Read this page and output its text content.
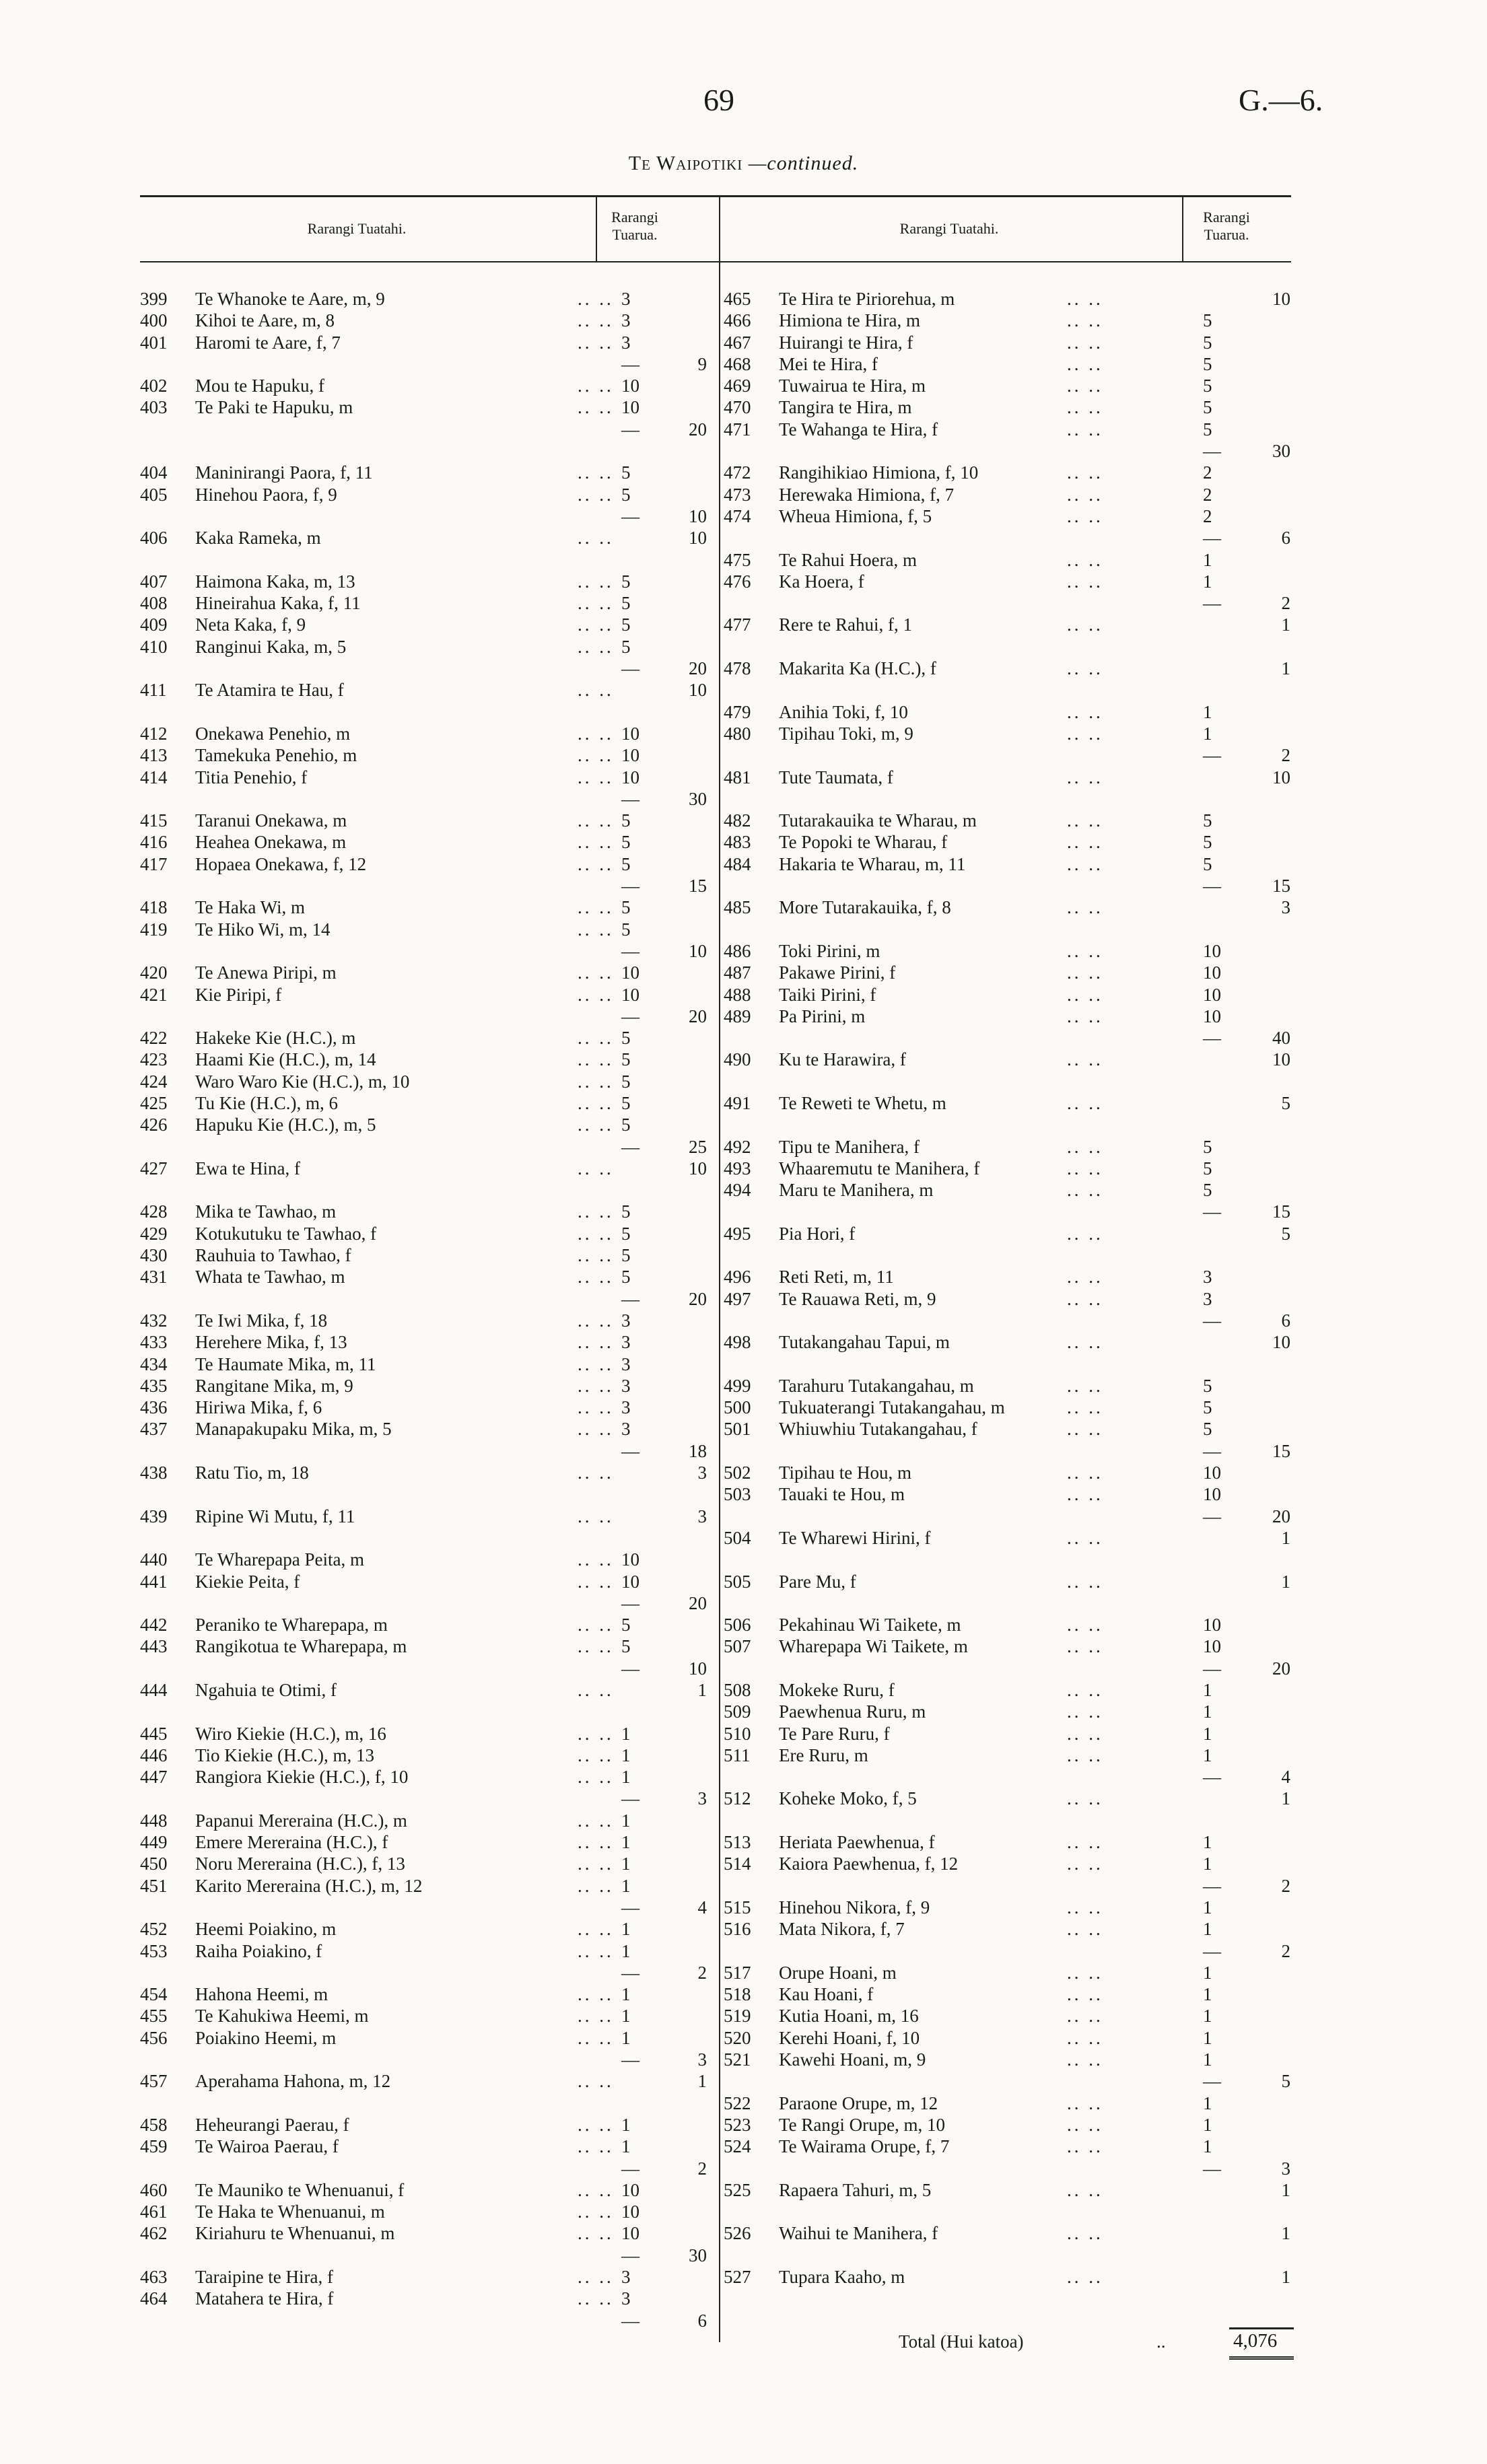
69	G.—6.
Te Waipotiki —continued.
Rarangi Tuatahi.
Rarangi
Tuarua.	Rarangi Tuatahi.
Rarangi
Tuarua.
399	Te Whanoke te Aare, m, 9	.. .. 3
400	Kihoi te Aare, m, 8	.. .. 3
401	Haromi te Aare, f, 7	.. .. 3
—	9
402	Mou te Hapuku, f	.. .. 10
403	Te Paki te Hapuku, m	.. .. 10
—	20
404	Maninirangi Paora, f, 11	.. .. 5
405	Hinehou Paora, f, 9	.. .. 5
—	10
406	Kaka Rameka, m	.. ..	10
407	Haimona Kaka, m, 13	.. .. 5
408	Hineirahua Kaka, f, 11	.. .. 5
409	Neta Kaka, f, 9	.. .. 5
410	Ranginui Kaka, m, 5	.. .. 5
—	20
411	Te Atamira te Hau, f	.. ..	10
412	Onekawa Penehio, m	.. .. 10
413	Tamekuka Penehio, m	.. .. 10
414	Titia Penehio, f	.. .. 10
—	30
415	Taranui Onekawa, m	.. .. 5
416	Heahea Onekawa, m	.. .. 5
417	Hopaea Onekawa, f, 12	.. .. 5
—	15
418	Te Haka Wi, m	.. .. 5
419	Te Hiko Wi, m, 14	.. .. 5
—	10
420	Te Anewa Piripi, m	.. .. 10
421	Kie Piripi, f	.. .. 10
—	20
422	Hakeke Kie (H.C.), m	.. .. 5
423	Haami Kie (H.C.), m, 14	.. .. 5
424	Waro Waro Kie (H.C.), m, 10	.. .. 5
425	Tu Kie (H.C.), m, 6	.. .. 5
426	Hapuku Kie (H.C.), m, 5	.. .. 5
—	25
427	Ewa te Hina, f	.. ..	10
428	Mika te Tawhao, m	.. .. 5
429	Kotukutuku te Tawhao, f	.. .. 5
430	Rauhuia to Tawhao, f	.. .. 5
431	Whata te Tawhao, m	.. .. 5
—	20
432	Te Iwi Mika, f, 18	.. .. 3
433	Herehere Mika, f, 13	.. .. 3
434	Te Haumate Mika, m, 11	.. .. 3
435	Rangitane Mika, m, 9	.. .. 3
436	Hiriwa Mika, f, 6	.. .. 3
437	Manapakupaku Mika, m, 5	.. .. 3
—	18
438	Ratu Tio, m, 18	.. ..	3
439	Ripine Wi Mutu, f, 11	.. ..	3
440	Te Wharepapa Peita, m	.. .. 10
441	Kiekie Peita, f	.. .. 10
—	20
442	Peraniko te Wharepapa, m	.. .. 5
443	Rangikotua te Wharepapa, m	.. .. 5
—	10
444	Ngahuia te Otimi, f	.. ..	1
445	Wiro Kiekie (H.C.), m, 16	.. .. 1
446	Tio Kiekie (H.C.), m, 13	.. .. 1
447	Rangiora Kiekie (H.C.), f, 10	.. .. 1
—	3
448	Papanui Mereraina (H.C.), m	.. .. 1
449	Emere Mereraina (H.C.), f	.. .. 1
450	Noru Mereraina (H.C.), f, 13	.. .. 1
451	Karito Mereraina (H.C.), m, 12	.. .. 1
—	4
452	Heemi Poiakino, m	.. .. 1
453	Raiha Poiakino, f	.. .. 1
—	2
454	Hahona Heemi, m	.. .. 1
455	Te Kahukiwa Heemi, m	.. .. 1
456	Poiakino Heemi, m	.. .. 1
—	3
457	Aperahama Hahona, m, 12	.. ..	1
458	Heheurangi Paerau, f	.. .. 1
459	Te Wairoa Paerau, f	.. .. 1
—	2
460	Te Mauniko te Whenuanui, f	.. .. 10
461	Te Haka te Whenuanui, m	.. .. 10
462	Kiriahuru te Whenuanui, m	.. .. 10
—	30
463	Taraipine te Hira, f	.. .. 3
464	Matahera te Hira, f	.. .. 3
—	6
465	Te Hira te Piriorehua, m	.. ..	10
466	Himiona te Hira, m	.. ..	5
467	Huirangi te Hira, f	.. ..	5
468	Mei te Hira, f	.. ..	5
469	Tuwairua te Hira, m	.. ..	5
470	Tangira te Hira, m	.. ..	5
471	Te Wahanga te Hira, f	.. ..	5
—	30
472	Rangihikiao Himiona, f, 10	.. ..	2
473	Herewaka Himiona, f, 7	.. ..	2
474	Wheua Himiona, f, 5	.. ..	2
—	6
475	Te Rahui Hoera, m	.. ..	1
476	Ka Hoera, f	.. ..	1
—	2
477	Rere te Rahui, f, 1	.. ..	1
478	Makarita Ka (H.C.), f	.. ..	1
479	Anihia Toki, f, 10	.. ..	1
480	Tipihau Toki, m, 9	.. ..	1
—	2
481	Tute Taumata, f	.. ..	10
482	Tutarakauika te Wharau, m	.. ..	5
483	Te Popoki te Wharau, f	.. ..	5
484	Hakaria te Wharau, m, 11	.. ..	5
—	15
485	More Tutarakauika, f, 8	.. ..	3
486	Toki Pirini, m	.. ..	10
487	Pakawe Pirini, f	.. ..	10
488	Taiki Pirini, f	.. ..	10
489	Pa Pirini, m	.. ..	10
—	40
490	Ku te Harawira, f	.. ..	10
491	Te Reweti te Whetu, m	.. ..	5
492	Tipu te Manihera, f	.. ..	5
493	Whaaremutu te Manihera, f	.. ..	5
494	Maru te Manihera, m	.. ..	5
—	15
495	Pia Hori, f	.. ..	5
496	Reti Reti, m, 11	.. ..	3
497	Te Rauawa Reti, m, 9	.. ..	3
—	6
498	Tutakangahau Tapui, m	.. ..	10
499	Tarahuru Tutakangahau, m	.. ..	5
500	Tukuaterangi Tutakangahau, m	.. ..	5
501	Whiuwhiu Tutakangahau, f	.. ..	5
—	15
502	Tipihau te Hou, m	.. ..	10
503	Tauaki te Hou, m	.. ..	10
—	20
504	Te Wharewi Hirini, f	.. ..	1
505	Pare Mu, f	.. ..	1
506	Pekahinau Wi Taikete, m	.. ..	10
507	Wharepapa Wi Taikete, m	.. ..	10
—	20
508	Mokeke Ruru, f	.. ..	1
509	Paewhenua Ruru, m	.. ..	1
510	Te Pare Ruru, f	.. ..	1
511	Ere Ruru, m	.. ..	1
—	4
512	Koheke Moko, f, 5	.. ..	1
513	Heriata Paewhenua, f	.. ..	1
514	Kaiora Paewhenua, f, 12	.. ..	1
—	2
515	Hinehou Nikora, f, 9	.. ..	1
516	Mata Nikora, f, 7	.. ..	1
—	2
517	Orupe Hoani, m	.. ..	1
518	Kau Hoani, f	.. ..	1
519	Kutia Hoani, m, 16	.. ..	1
520	Kerehi Hoani, f, 10	.. ..	1
521	Kawehi Hoani, m, 9	.. ..	1
—	5
522	Paraone Orupe, m, 12	.. ..	1
523	Te Rangi Orupe, m, 10	.. ..	1
524	Te Wairama Orupe, f, 7	.. ..	1
—	3
525	Rapaera Tahuri, m, 5	.. ..	1
526	Waihui te Manihera, f	.. ..	1
527	Tupara Kaaho, m	.. ..	1
Total (Hui katoa)	..	4,076
